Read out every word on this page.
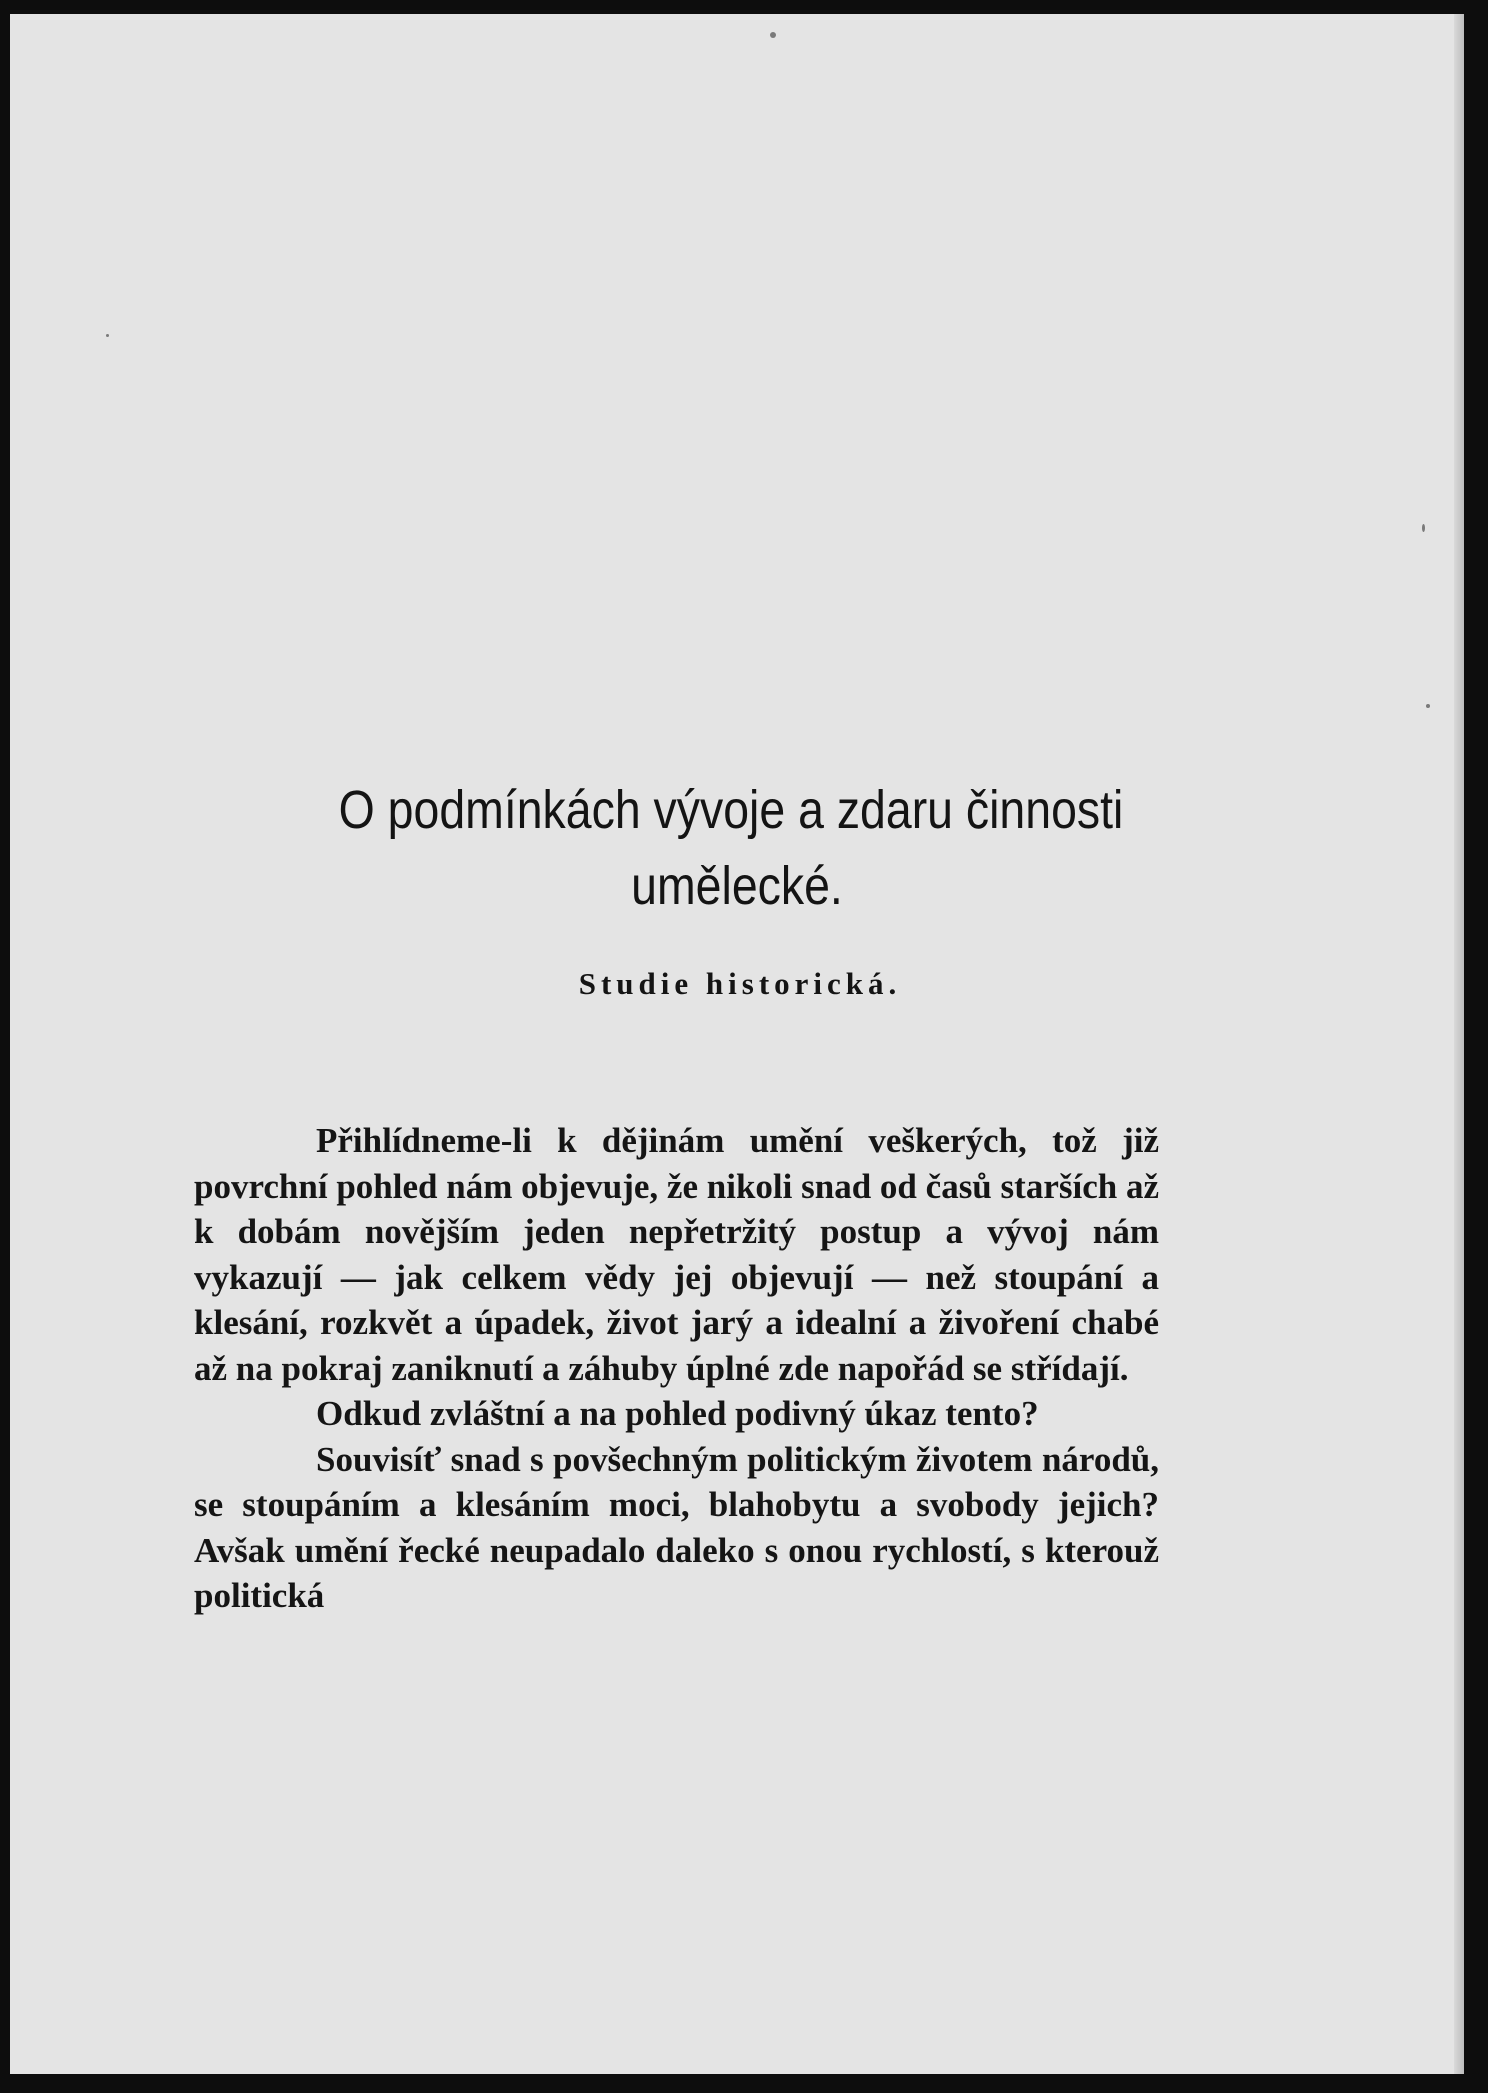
O podmínkách vývoje a zdaru činnosti
umělecké.
Studie historická.

Přihlídneme-li k dějinám umění veškerých, tož již povrchní pohled nám objevuje, že nikoli snad od časů starších až k dobám novějším jeden nepřetržitý postup a vývoj nám vykazují — jak celkem vědy jej objevují — než stoupání a klesání, rozkvět a úpadek, život jarý a idealní a živoření chabé až na pokraj zaniknutí a záhuby úplné zde napořád se střídají.

Odkud zvláštní a na pohled podivný úkaz tento?

Souvisíť snad s povšechným politickým životem národů, se stoupáním a klesáním moci, blahobytu a svobody jejich? Avšak umění řecké neupadalo daleko s onou rychlostí, s kterouž politická
